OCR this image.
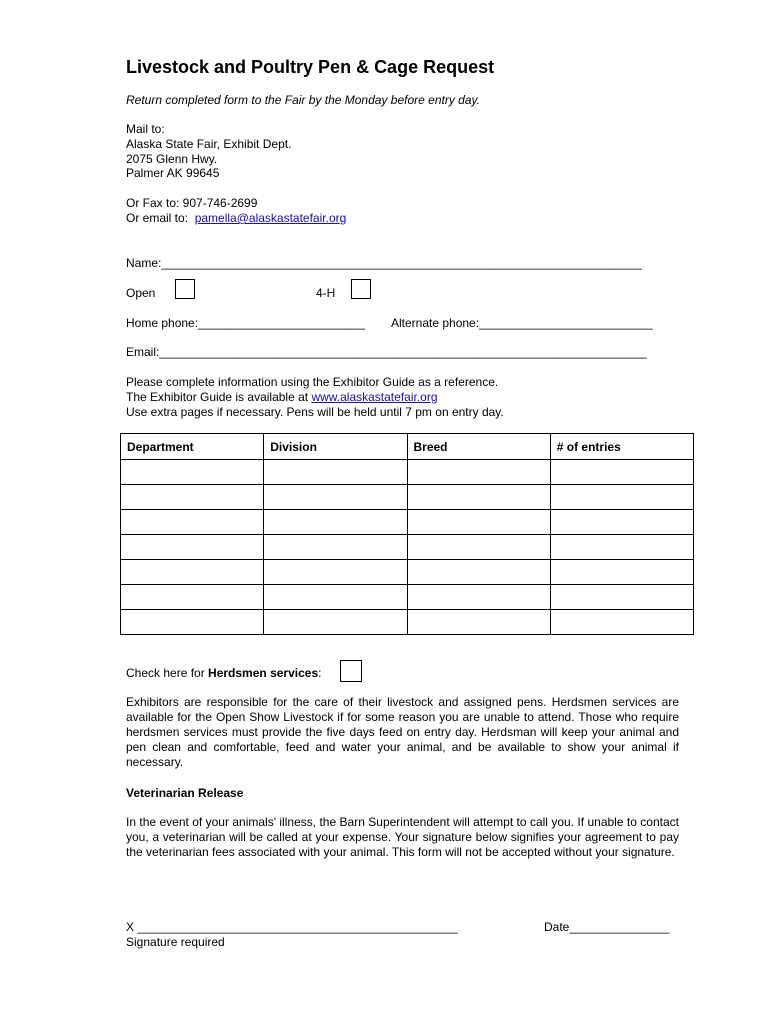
Livestock and Poultry Pen & Cage Request
Return completed form to the Fair by the Monday before entry day.
Mail to:
Alaska State Fair, Exhibit Dept.
2075 Glenn Hwy.
Palmer AK 99645
Or Fax to: 907-746-2699
Or email to:  pamella@alaskastatefair.org
Name:________________________________________________________________________
Open	4-H
Home phone:_________________________ Alternate phone:__________________________
Email:_________________________________________________________________________
Please complete information using the Exhibitor Guide as a reference.
The Exhibitor Guide is available at www.alaskastatefair.org
Use extra pages if necessary. Pens will be held until 7 pm on entry day.
Department	Division	Breed	# of entries

Check here for Herdsmen services:
Exhibitors are responsible for the care of their livestock and assigned pens. Herdsmen services are available for the Open Show Livestock if for some reason you are unable to attend. Those who require herdsmen services must provide the five days feed on entry day. Herdsman will keep your animal and pen clean and comfortable, feed and water your animal, and be available to show your animal if necessary.
Veterinarian Release
In the event of your animals' illness, the Barn Superintendent will attempt to call you. If unable to contact you, a veterinarian will be called at your expense. Your signature below signifies your agreement to pay the veterinarian fees associated with your animal. This form will not be accepted without your signature.
X ________________________________________________
Signature required
Date_______________
